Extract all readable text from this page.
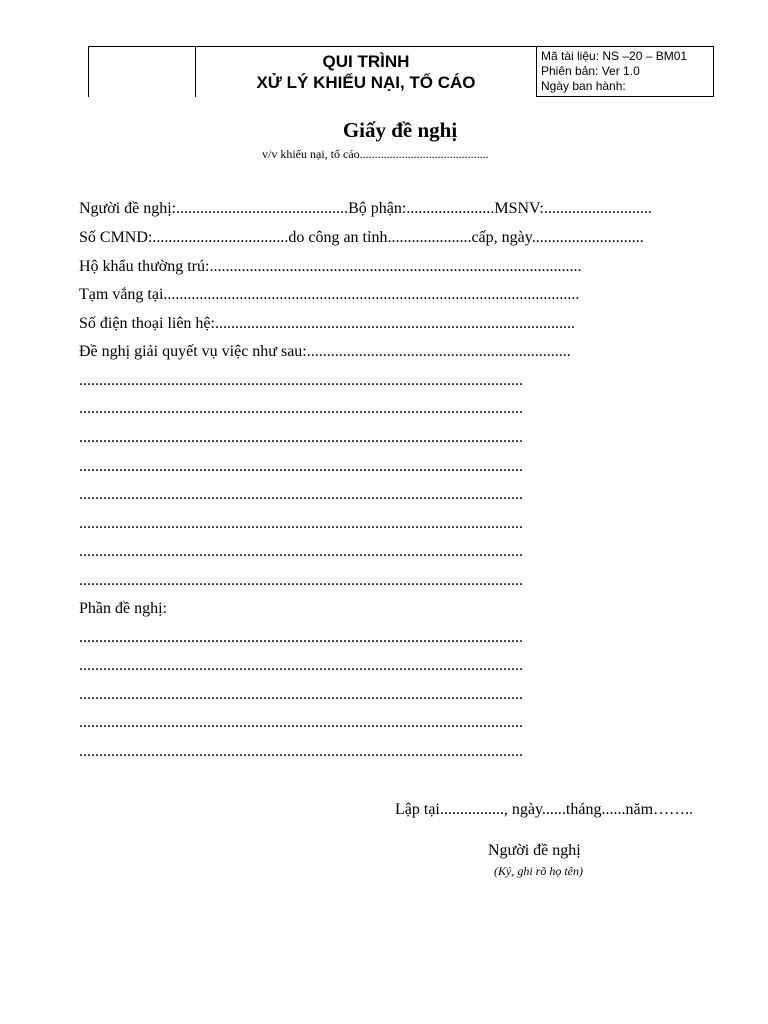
QUI TRÌNH
XỬ LÝ KHIẾU NẠI, TỐ CÁO

Mã tài liệu: NS –20 – BM01
Phiên bản: Ver 1.0
Ngày ban hành:
Giấy đề nghị
v/v khiếu nại, tố cáo...........................................
Người đề nghị:...........................................Bộ phận:......................MSNV:...........................
Số CMND:..................................do công an tỉnh.....................cấp, ngày............................
Hộ khẩu thường trú:.............................................................................................
Tạm vắng tại........................................................................................................
Số điện thoại liên hệ:..........................................................................................
Đề nghị giải quyết vụ việc như sau:..................................................................
...............................................................................................................
...............................................................................................................
...............................................................................................................
...............................................................................................................
...............................................................................................................
...............................................................................................................
...............................................................................................................
...............................................................................................................
Phần đề nghị:
...............................................................................................................
...............................................................................................................
...............................................................................................................
...............................................................................................................
...............................................................................................................
Lập tại................, ngày......tháng......năm……..
Người đề nghị
(Ký, ghi rõ họ tên)
